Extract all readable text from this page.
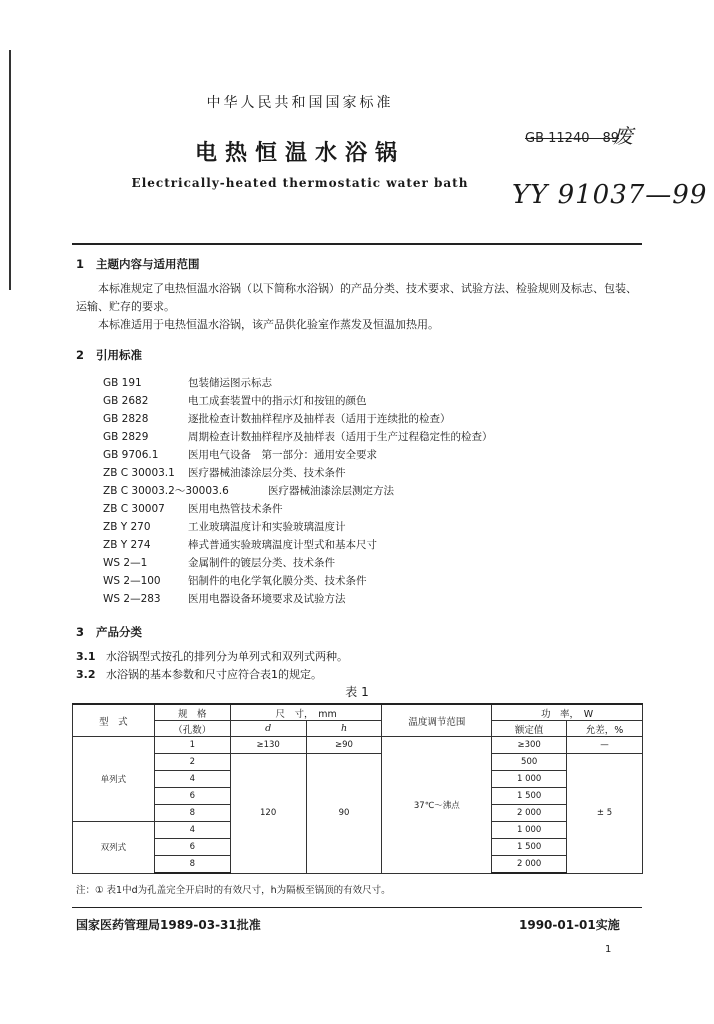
中华人民共和国国家标准
电热恒温水浴锅
Electrically-heated thermostatic water bath
GB 11240—89
废
YY 91037—99
1 主题内容与适用范围
本标准规定了电热恒温水浴锅（以下简称水浴锅）的产品分类、技术要求、试验方法、检验规则及标志、包装、运输、贮存的要求。
本标准适用于电热恒温水浴锅，该产品供化验室作蒸发及恒温加热用。
2 引用标准
GB 191	包装储运图示标志
GB 2682	电工成套装置中的指示灯和按钮的颜色
GB 2828	逐批检查计数抽样程序及抽样表（适用于连续批的检查）
GB 2829	周期检查计数抽样程序及抽样表（适用于生产过程稳定性的检查）
GB 9706.1	医用电气设备　第一部分：通用安全要求
ZB C 30003.1 医疗器械油漆涂层分类、技术条件
ZB C 30003.2～30003.6	医疗器械油漆涂层测定方法
ZB C 30007 医用电热管技术条件
ZB Y 270	工业玻璃温度计和实验玻璃温度计
ZB Y 274	棒式普通实验玻璃温度计型式和基本尺寸
WS 2—1	金属制件的镀层分类、技术条件
WS 2—100	铝制件的电化学氧化膜分类、技术条件
WS 2—283	医用电器设备环境要求及试验方法
3 产品分类
3.1 水浴锅型式按孔的排列分为单列式和双列式两种。
3.2 水浴锅的基本参数和尺寸应符合表1的规定。
表 1
型　式	规　格	尺　寸，　mm		温度调节范围	功　率，　W	
	（孔数）	d	h		额定值	允差，%
单列式	1	≥130	≥90	37℃～沸点	≥300	—
	2	120	90		500	± 5
	4				1 000	
	6				1 500	
	8				2 000	
双列式	4				1 000	
	6				1 500	
	8				2 000	
注：① 表1中d为孔盖完全开启时的有效尺寸，h为隔板至锅顶的有效尺寸。
国家医药管理局1989-03-31批准	1990-01-01实施
1
